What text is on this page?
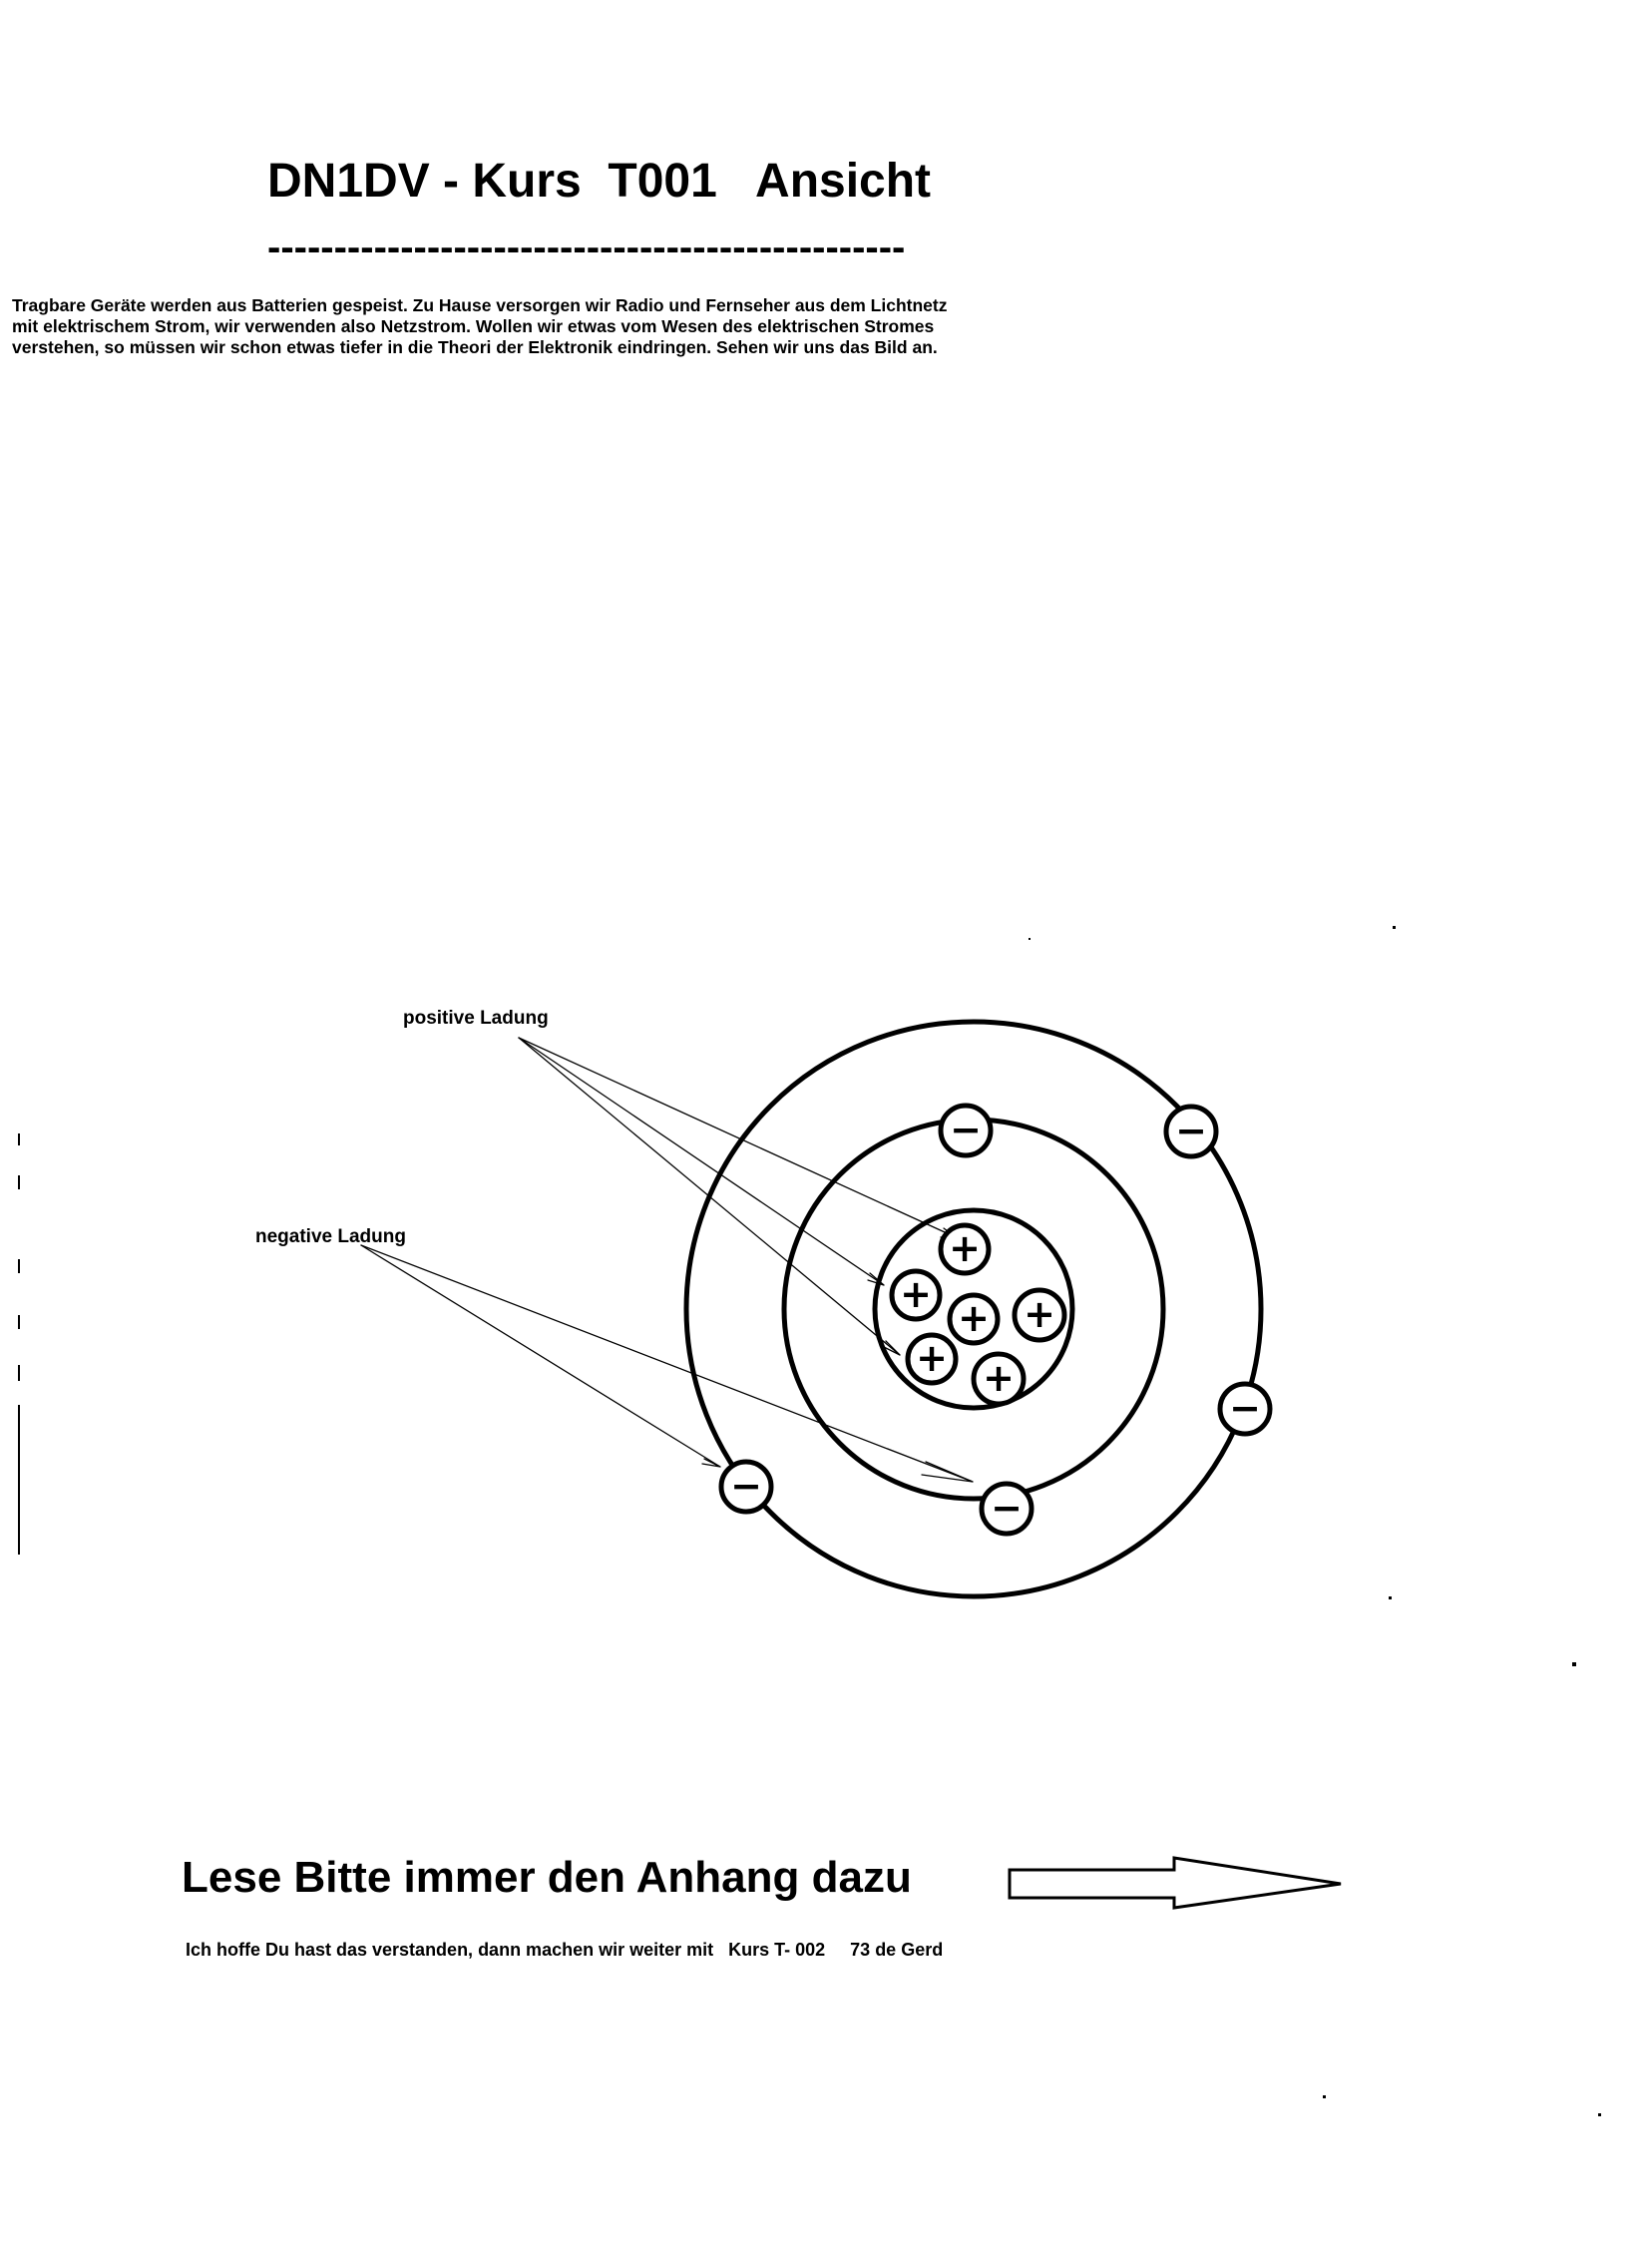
DN1DV - Kurs  T001   Ansicht
------------------------------------------------
Tragbare Geräte werden aus Batterien gespeist. Zu Hause versorgen wir Radio und Fernseher aus dem Lichtnetz
mit elektrischem Strom, wir verwenden also Netzstrom. Wollen wir etwas vom Wesen des elektrischen Stromes
verstehen, so müssen wir schon etwas tiefer in die Theori der Elektronik eindringen. Sehen wir uns das Bild an.
+
+
+ +
+ +
−	−
−
−	−
positive Ladung
negative Ladung
Lese Bitte immer den Anhang dazu

Ich hoffe Du hast das verstanden, dann machen wir weiter mit   Kurs T- 002     73 de Gerd
